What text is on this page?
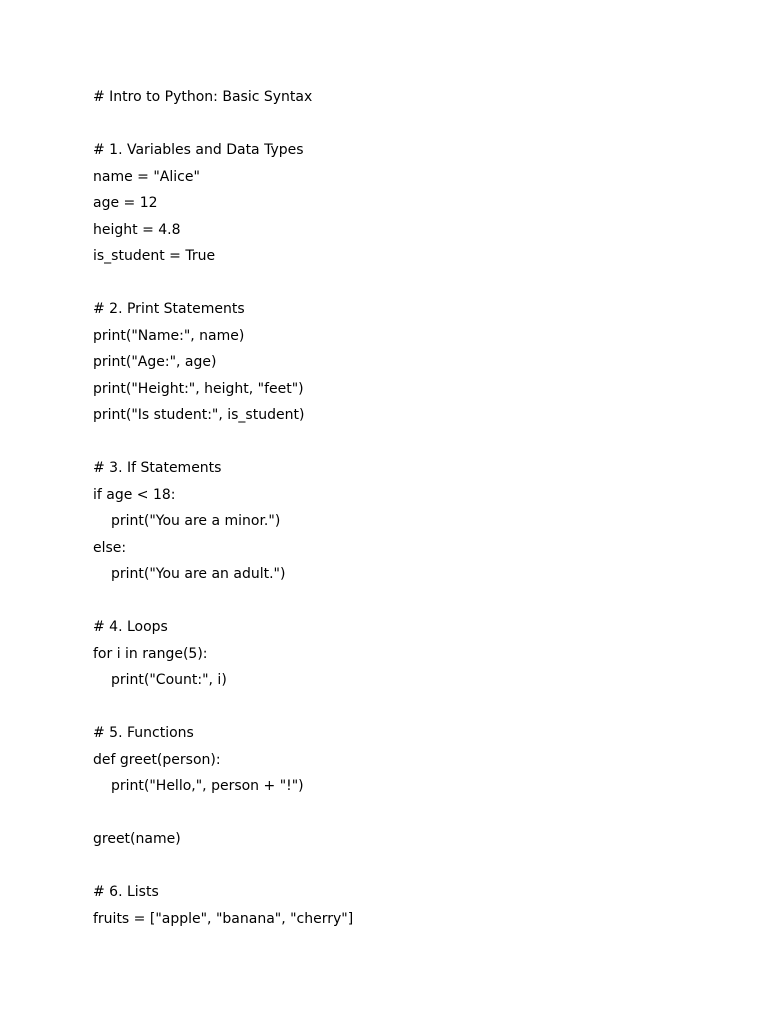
# Intro to Python: Basic Syntax
# 1. Variables and Data Types
name = "Alice"
age = 12
height = 4.8
is_student = True
# 2. Print Statements
print("Name:", name)
print("Age:", age)
print("Height:", height, "feet")
print("Is student:", is_student)
# 3. If Statements
if age < 18:
print("You are a minor.")
else:
print("You are an adult.")
# 4. Loops
for i in range(5):
print("Count:", i)
# 5. Functions
def greet(person):
print("Hello,", person + "!")
greet(name)
# 6. Lists
fruits = ["apple", "banana", "cherry"]
